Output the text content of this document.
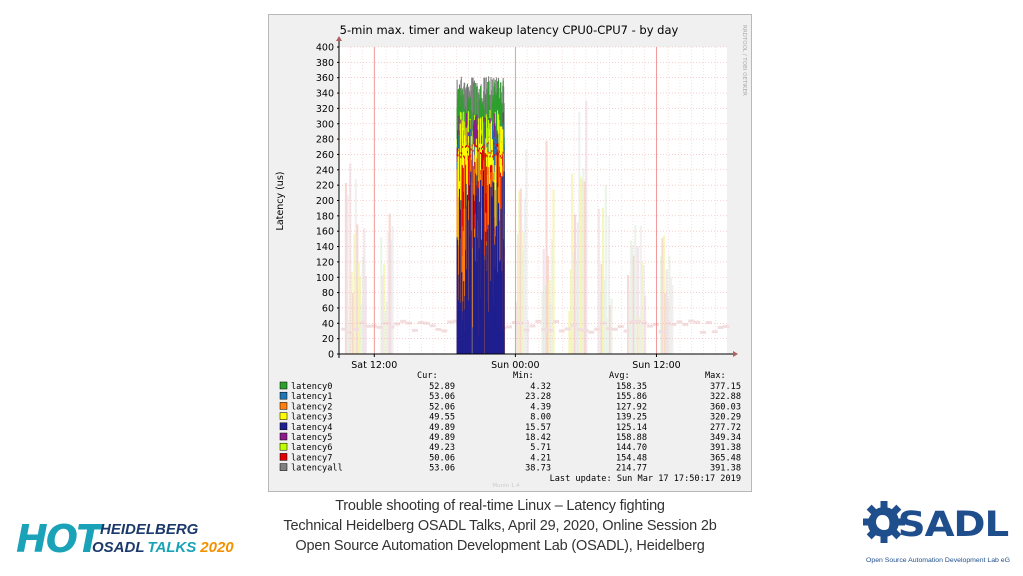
5-min max. timer and wakeup latency CPU0-CPU7 - by day	RRDTOOL / TOBI OETIKER
Latency (us)
0
20
40
60
80
100
120
140
160
180
200
220
240
260
280
300
320
340
360
380
400
Sat 12:00	Sun 00:00	Sun 12:00
Cur:	Min:	Avg:	Max:
latency0	52.89	4.32	158.35	377.15
latency1	53.06	23.28	155.86	322.88
latency2	52.06	4.39	127.92	360.03
latency3	49.55	8.00	139.25	320.29
latency4	49.89	15.57	125.14	277.72
latency5	49.89	18.42	158.88	349.34
latency6	49.23	5.71	144.70	391.38
latency7	50.06	4.21	154.48	365.48
latencyall	53.06	38.73	214.77	391.38
Last update: Sun Mar 17 17:50:17 2019
Munin 1.4
Trouble shooting of real-time Linux – Latency fighting
Technical Heidelberg OSADL Talks, April 29, 2020, Online Session 2b
Open Source Automation Development Lab (OSADL), Heidelberg
HOT HEIDELBERG
OSADL TALKS 2020
OSADL
Open Source Automation Development Lab eG
